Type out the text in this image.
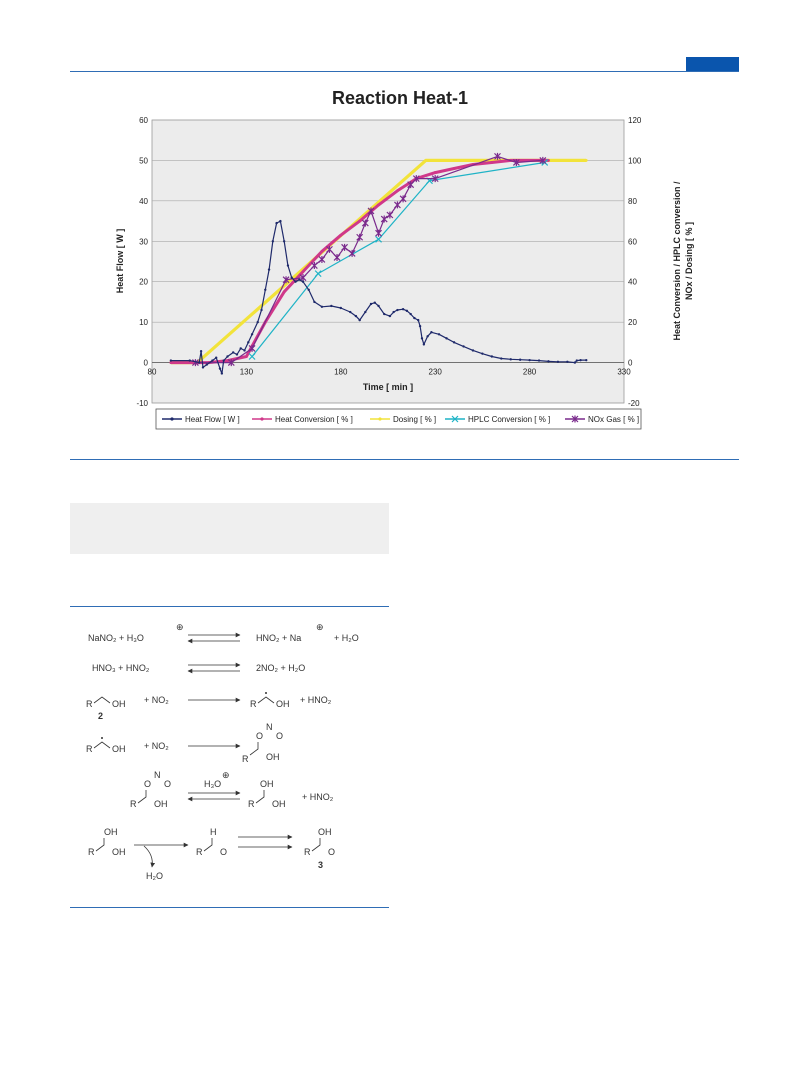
Reaction Heat-1
60
50
40
30
20
10
0
-10
120
100
80
60
40
20
0
-20
80	130	180	230	280	330
Time [ min ]
Heat Flow [ W ]	Heat Conversion / HPLC conversion / NOx / Dosing [ % ]
Heat Flow [ W ]	Heat Conversion [ % ]	Dosing [ % ]	HPLC Conversion [ % ]	NOx Gas [ % ]
NaNO₂ + H₃O
⊕
HNO₂ + Na
⊕
+ H₂O
HNO₃ + HNO₂	2NO₂ + H₂O
R OH
2
+ NO₂	R OH + HNO₂
R OH + NO₂
O
N
O
R OH
O
N
O
R OH
H₃O
⊕
OH
R OH
+ HNO₂
OH
R OH
H₂O
H
R O
OH
R O
3
